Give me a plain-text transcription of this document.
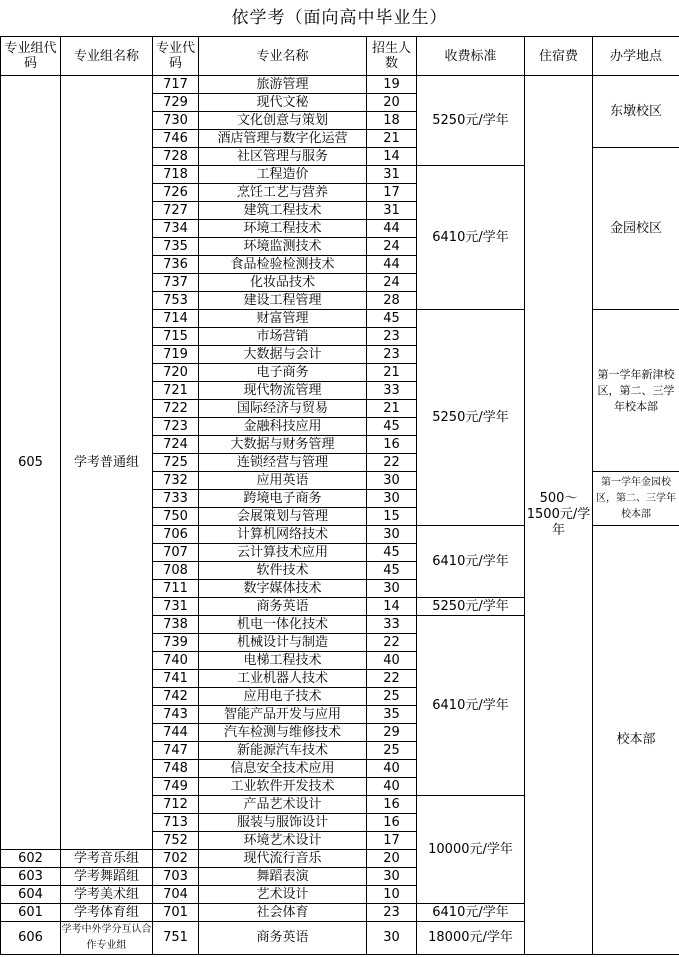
依学考（面向高中毕业生）
专业组代码	专业组名称	专业代码	专业名称	招生人数	收费标准	住宿费	办学地点
605	学考普通组	717	旅游管理	19	5250元/学年	500～1500元/学年	东墩校区
		729	现代文秘	20			
		730	文化创意与策划	18			
		746	酒店管理与数字化运营	21			
		728	社区管理与服务	14			金园校区
		718	工程造价	31	6410元/学年		
		726	烹饪工艺与营养	17			
		727	建筑工程技术	31			
		734	环境工程技术	44			
		735	环境监测技术	24			
		736	食品检验检测技术	44			
		737	化妆品技术	24			
		753	建设工程管理	28			
		714	财富管理	45	5250元/学年		第一学年新津校区，第二、三学年校本部
		715	市场营销	23			
		719	大数据与会计	23			
		720	电子商务	21			
		721	现代物流管理	33			
		722	国际经济与贸易	21			
		723	金融科技应用	45			
		724	大数据与财务管理	16			
		725	连锁经营与管理	22			
		732	应用英语	30			第一学年金园校区，第二、三学年校本部
		733	跨境电子商务	30			
		750	会展策划与管理	15			
		706	计算机网络技术	30	6410元/学年		校本部
		707	云计算技术应用	45			
		708	软件技术	45			
		711	数字媒体技术	30			
		731	商务英语	14	5250元/学年		
		738	机电一体化技术	33	6410元/学年		
		739	机械设计与制造	22			
		740	电梯工程技术	40			
		741	工业机器人技术	22			
		742	应用电子技术	25			
		743	智能产品开发与应用	35			
		744	汽车检测与维修技术	29			
		747	新能源汽车技术	25			
		748	信息安全技术应用	40			
		749	工业软件开发技术	40			
		712	产品艺术设计	16	10000元/学年		
		713	服装与服饰设计	16			
		752	环境艺术设计	17			
602	学考音乐组	702	现代流行音乐	20			
603	学考舞蹈组	703	舞蹈表演	30			
604	学考美术组	704	艺术设计	10			
601	学考体育组	701	社会体育	23	6410元/学年		
606	学考中外学分互认合作专业组	751	商务英语	30	18000元/学年		
